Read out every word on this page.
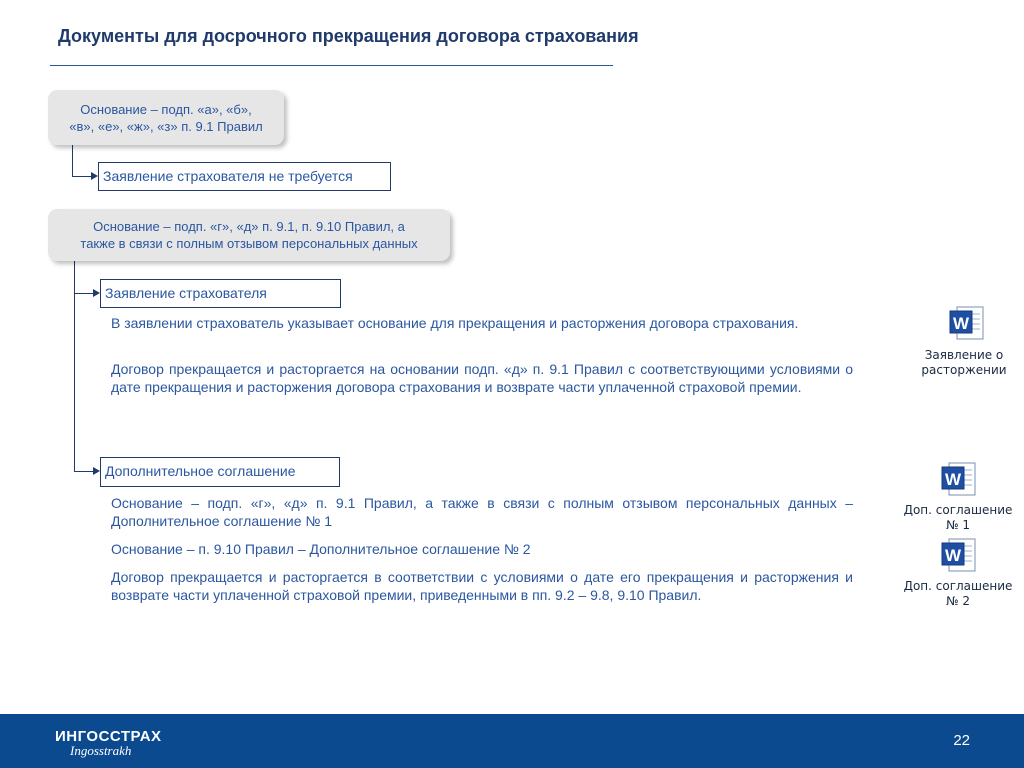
Документы для досрочного прекращения договора страхования
Основание – подп. «а», «б»,
«в», «е», «ж», «з» п. 9.1 Правил
Заявление страхователя не требуется
Основание – подп. «г», «д» п. 9.1, п. 9.10 Правил, а
также в связи с полным отзывом персональных данных
Заявление страхователя
В заявлении страхователь указывает основание для прекращения и расторжения договора страхования.
Договор прекращается и расторгается на основании подп. «д» п. 9.1 Правил с соответствующими условиями о дате прекращения и расторжения договора страхования и возврате части уплаченной страховой премии.
Дополнительное соглашение
Основание – подп. «г», «д» п. 9.1 Правил, а также в связи с полным отзывом персональных данных – Дополнительное соглашение № 1
Основание – п. 9.10 Правил – Дополнительное соглашение № 2
Договор прекращается и расторгается в соответствии с условиями о дате его прекращения и расторжения и возврате части уплаченной страховой премии, приведенными в пп. 9.2 – 9.8, 9.10 Правил.
W
Заявление о
расторжении
W
Доп. соглашение
№ 1
W
Доп. соглашение
№ 2
ИНГОССТРАХ
Ingosstrakh
22
